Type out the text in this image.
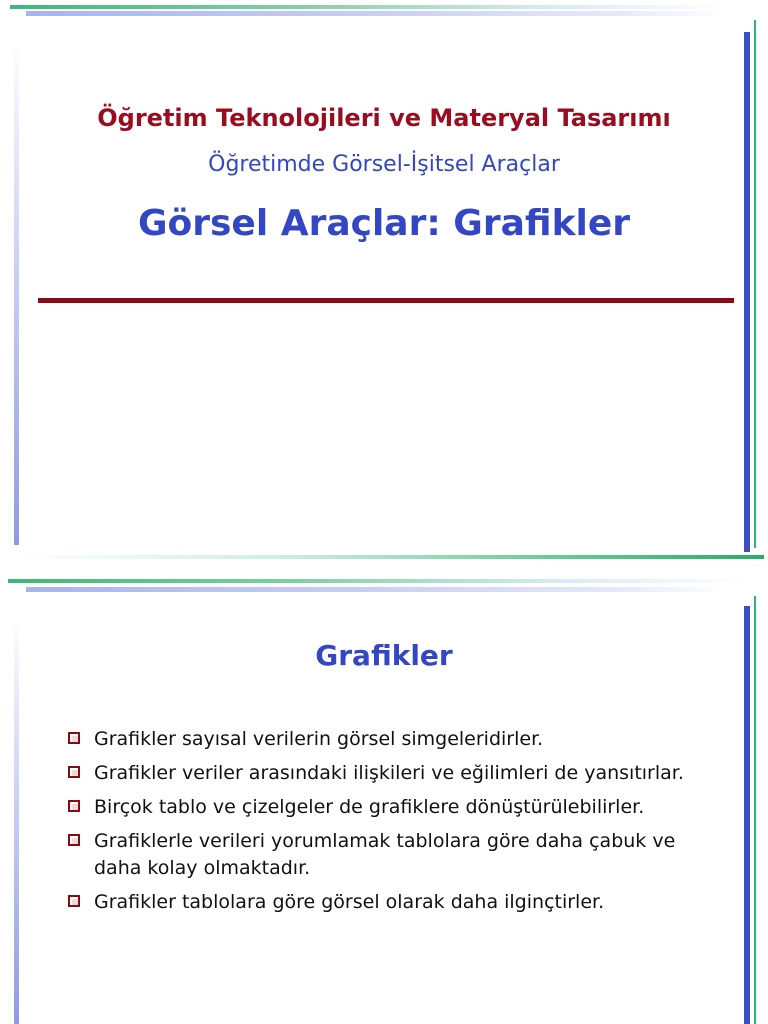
Öğretim Teknolojileri ve Materyal Tasarımı
Öğretimde Görsel-İşitsel Araçlar
Görsel Araçlar: Grafikler
Grafikler
Grafikler sayısal verilerin görsel simgeleridirler.
Grafikler veriler arasındaki ilişkileri ve eğilimleri de yansıtırlar.
Birçok tablo ve çizelgeler de grafiklere dönüştürülebilirler.
Grafiklerle verileri yorumlamak tablolara göre daha çabuk ve daha kolay olmaktadır.
Grafikler tablolara göre görsel olarak daha ilginçtirler.
